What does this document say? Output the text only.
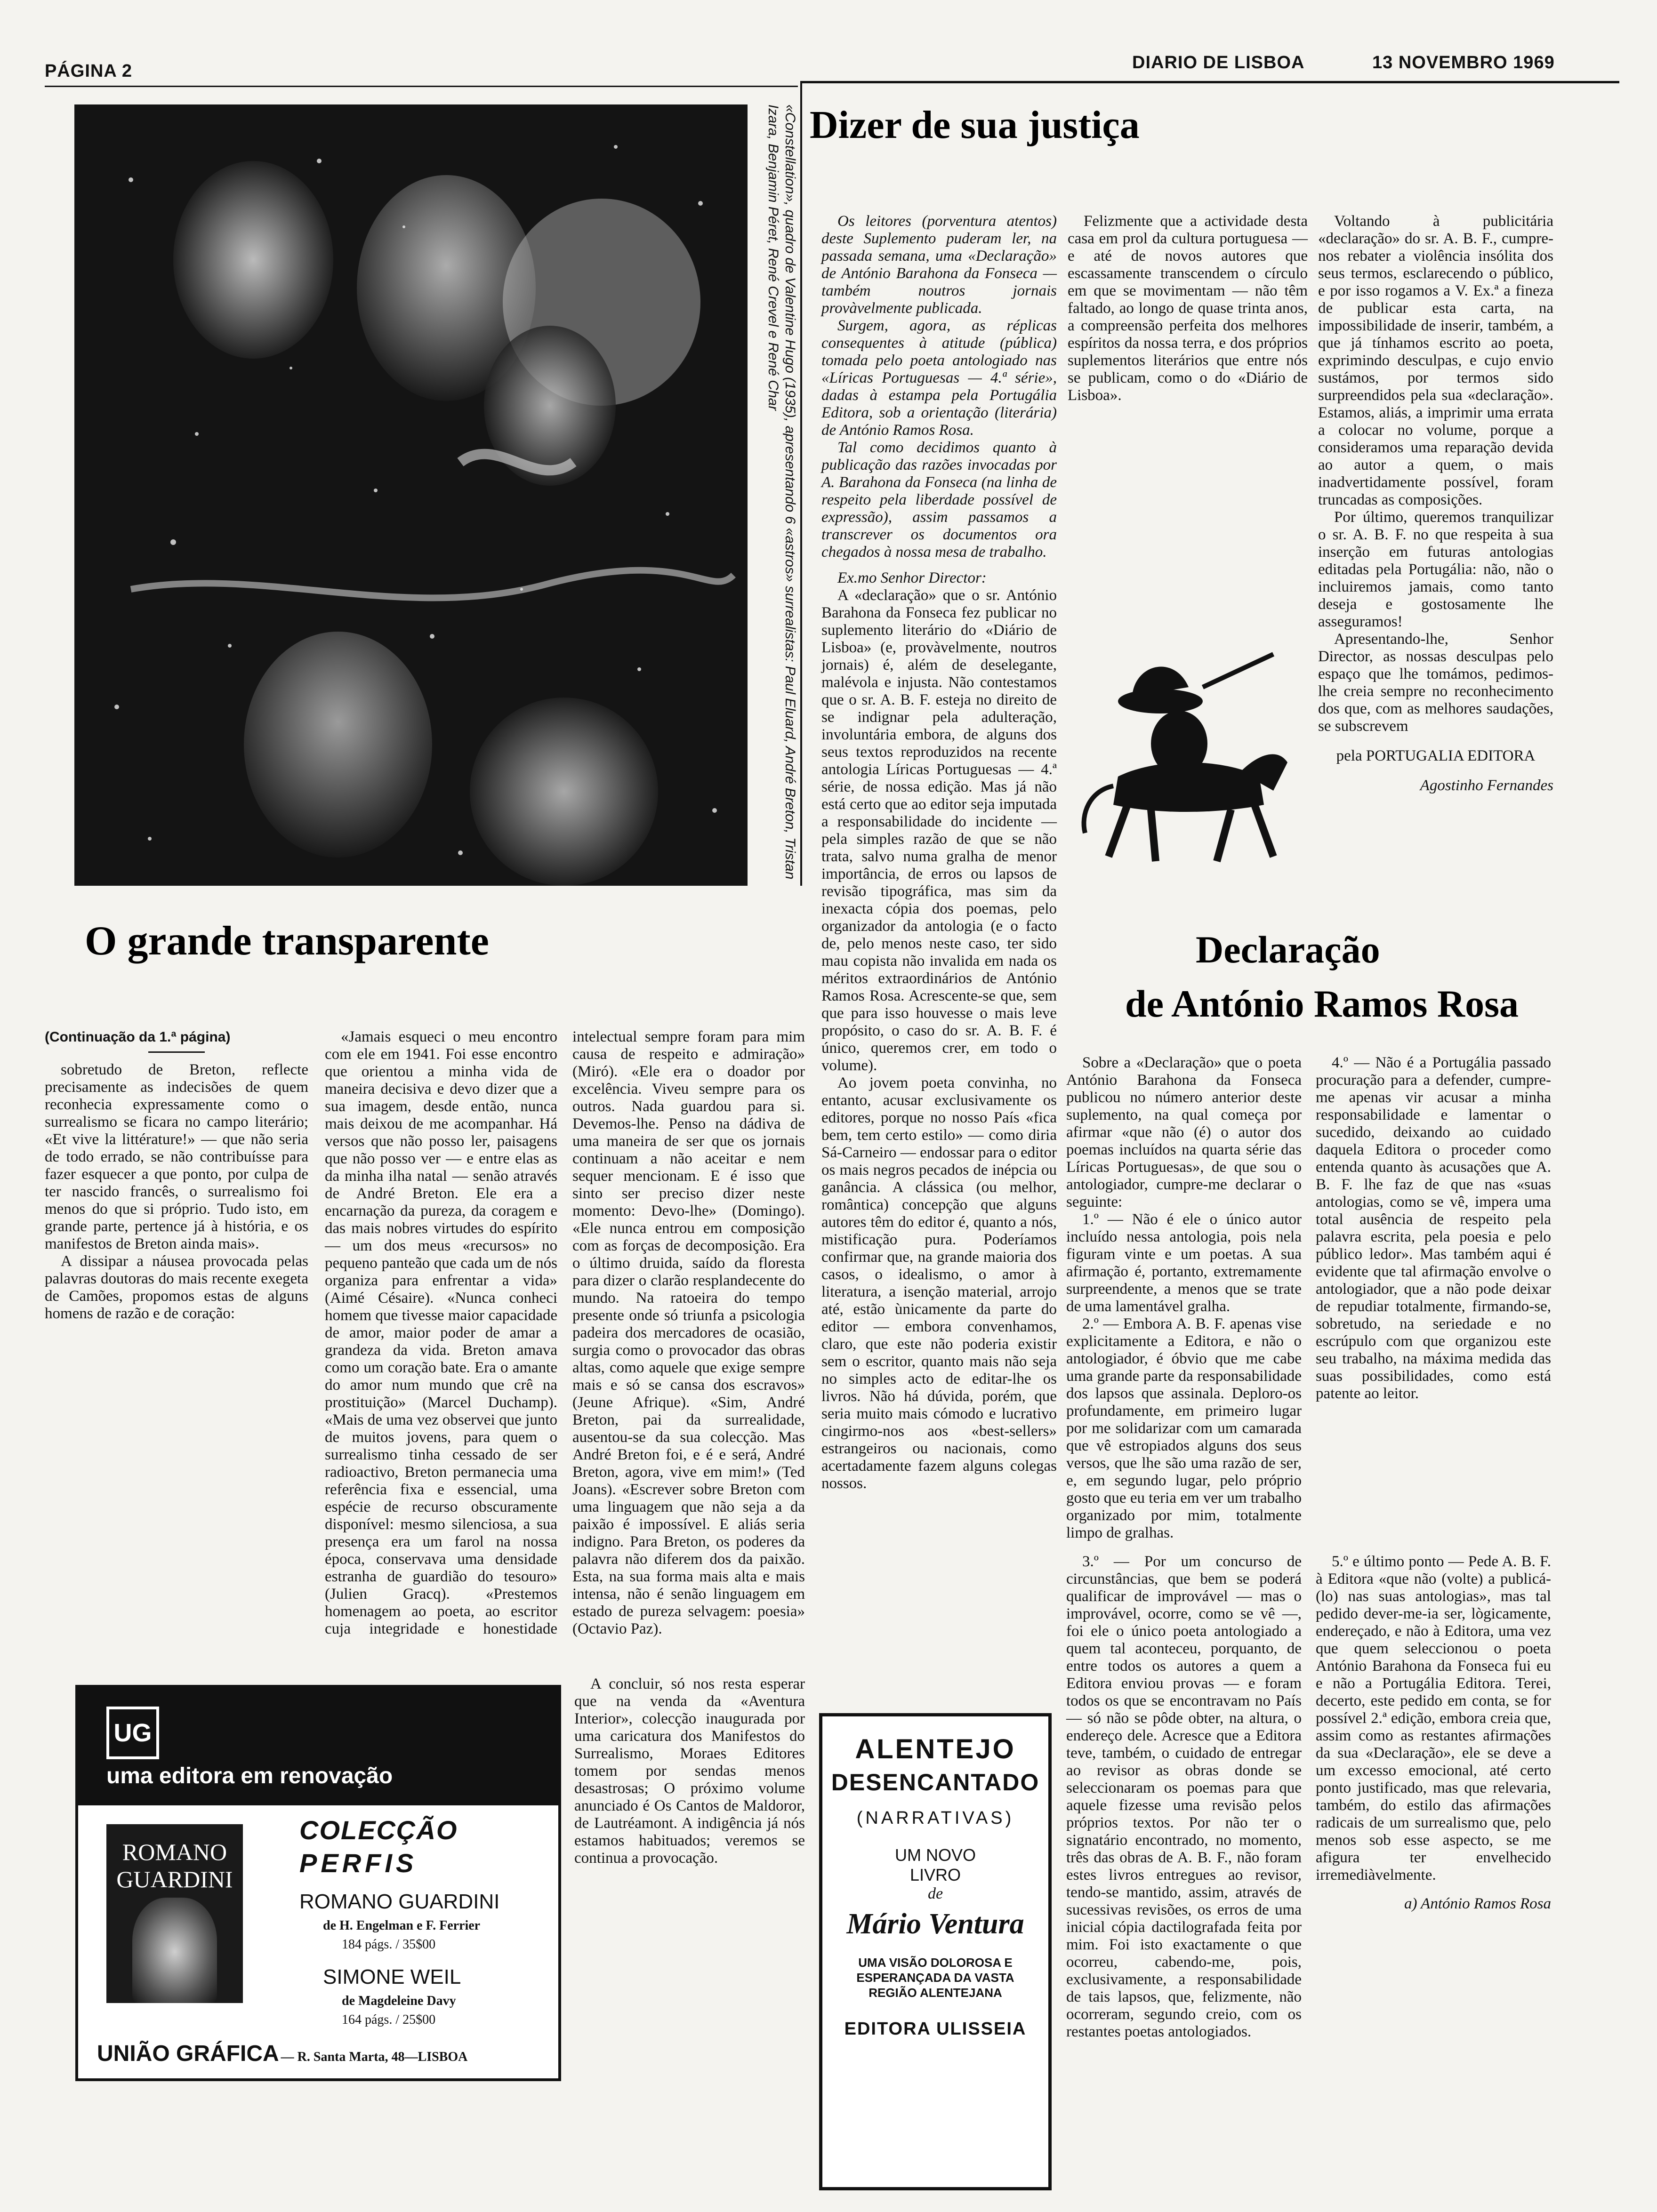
PÁGINA 2	DIARIO DE LISBOA	13 NOVEMBRO 1969
«Constellation», quadro de Valentine Hugo (1935), apresentando 6 «astros» surrealistas: Paul Eluard, André Breton, Tristan Izara, Benjamin Péret, René Crevel e René Char Dizer de sua justiça

Os leitores (porventura atentos) deste Suplemento puderam ler, na passada semana, uma «Declaração» de António Barahona da Fonseca — também noutros jornais provàvelmente publicada.

Surgem, agora, as réplicas consequentes à atitude (pública) tomada pelo poeta antologiado nas «Líricas Portuguesas — 4.ª série», dadas à estampa pela Portugália Editora, sob a orientação (literária) de António Ramos Rosa.

Tal como decidimos quanto à publicação das razões invocadas por A. Barahona da Fonseca (na linha de respeito pela liberdade possível de expressão), assim passamos a transcrever os documentos ora chegados à nossa mesa de trabalho.

Ex.mo Senhor Director:

A «declaração» que o sr. António Barahona da Fonseca fez publicar no suplemento literário do «Diário de Lisboa» (e, provàvelmente, noutros jornais) é, além de deselegante, malévola e injusta. Não contestamos que o sr. A. B. F. esteja no direito de se indignar pela adulteração, involuntária embora, de alguns dos seus textos reproduzidos na recente antologia Líricas Portuguesas — 4.ª série, de nossa edição. Mas já não está certo que ao editor seja imputada a responsabilidade do incidente — pela simples razão de que se não trata, salvo numa gralha de menor importância, de erros ou lapsos de revisão tipográfica, mas sim da inexacta cópia dos poemas, pelo organizador da antologia (e o facto de, pelo menos neste caso, ter sido mau copista não invalida em nada os méritos extraordinários de António Ramos Rosa. Acrescente-se que, sem que para isso houvesse o mais leve propósito, o caso do sr. A. B. F. é único, queremos crer, em todo o volume).

Ao jovem poeta convinha, no entanto, acusar exclusivamente os editores, porque no nosso País «fica bem, tem certo estilo» — como diria Sá-Carneiro — endossar para o editor os mais negros pecados de inépcia ou ganância. A clássica (ou melhor, romântica) concepção que alguns autores têm do editor é, quanto a nós, mistificação pura. Poderíamos confirmar que, na grande maioria dos casos, o idealismo, o amor à literatura, a isenção material, arrojo até, estão ùnicamente da parte do editor — embora convenhamos, claro, que este não poderia existir sem o escritor, quanto mais não seja no simples acto de editar-lhe os livros. Não há dúvida, porém, que seria muito mais cómodo e lucrativo cingirmo-nos aos «best-sellers» estrangeiros ou nacionais, como acertadamente fazem alguns colegas nossos.

Felizmente que a actividade desta casa em prol da cultura portuguesa — e até de novos autores que escassamente transcendem o círculo em que se movimentam — não têm faltado, ao longo de quase trinta anos, a compreensão perfeita dos melhores espíritos da nossa terra, e dos próprios suplementos literários que entre nós se publicam, como o do «Diário de Lisboa».

Voltando à publicitária «declaração» do sr. A. B. F., cumpre-nos rebater a violência insólita dos seus termos, esclarecendo o público, e por isso rogamos a V. Ex.ª a fineza de publicar esta carta, na impossibilidade de inserir, também, a que já tínhamos escrito ao poeta, exprimindo desculpas, e cujo envio sustámos, por termos sido surpreendidos pela sua «declaração». Estamos, aliás, a imprimir uma errata a colocar no volume, porque a consideramos uma reparação devida ao autor a quem, o mais inadvertidamente possível, foram truncadas as composições.

Por último, queremos tranquilizar o sr. A. B. F. no que respeita à sua inserção em futuras antologias editadas pela Portugália: não, não o incluiremos jamais, como tanto deseja e gostosamente lhe asseguramos!

Apresentando-lhe, Senhor Director, as nossas desculpas pelo espaço que lhe tomámos, pedimos-lhe creia sempre no reconhecimento dos que, com as melhores saudações, se subscrevem

pela PORTUGALIA EDITORA

Agostinho Fernandes

O grande transparente

(Continuação da 1.ª página)

sobretudo de Breton, reflecte precisamente as indecisões de quem reconhecia expressamente como o surrealismo se ficara no campo literário; «Et vive la littérature!» — que não seria de todo errado, se não contribuísse para fazer esquecer a que ponto, por culpa de ter nascido francês, o surrealismo foi menos do que si próprio. Tudo isto, em grande parte, pertence já à história, e os manifestos de Breton ainda mais».

A dissipar a náusea provocada pelas palavras doutoras do mais recente exegeta de Camões, propomos estas de alguns homens de razão e de coração:

«Jamais esqueci o meu encontro com ele em 1941. Foi esse encontro que orientou a minha vida de maneira decisiva e devo dizer que a sua imagem, desde então, nunca mais deixou de me acompanhar. Há versos que não posso ler, paisagens que não posso ver — e entre elas as da minha ilha natal — senão através de André Breton. Ele era a encarnação da pureza, da coragem e das mais nobres virtudes do espírito — um dos meus «recursos» no pequeno panteão que cada um de nós organiza para enfrentar a vida» (Aimé Césaire). «Nunca conheci homem que tivesse maior capacidade de amor, maior poder de amar a grandeza da vida. Breton amava como um coração bate. Era o amante do amor num mundo que crê na prostituição» (Marcel Duchamp). «Mais de uma vez observei que junto de muitos jovens, para quem o surrealismo tinha cessado de ser radioactivo, Breton permanecia uma referência fixa e essencial, uma espécie de recurso obscuramente disponível: mesmo silenciosa, a sua presença era um farol na nossa época, conservava uma densidade estranha de guardião do tesouro» (Julien Gracq). «Prestemos homenagem ao poeta, ao escritor cuja integridade e honestidade intelectual sempre foram para mim causa de respeito e admiração» (Miró). «Ele era o doador por excelência. Viveu sempre para os outros. Nada guardou para si. Devemos-lhe. Penso na dádiva de uma maneira de ser que os jornais continuam a não aceitar e nem sequer mencionam. E é isso que sinto ser preciso dizer neste momento: Devo-lhe» (Domingo). «Ele nunca entrou em composição com as forças de decomposição. Era o último druida, saído da floresta para dizer o clarão resplandecente do mundo. Na ratoeira do tempo presente onde só triunfa a psicologia padeira dos mercadores de ocasião, surgia como o provocador das obras altas, como aquele que exige sempre mais e só se cansa dos escravos» (Jeune Afrique). «Sim, André Breton, pai da surrealidade, ausentou-se da sua colecção. Mas André Breton foi, e é e será, André Breton, agora, vive em mim!» (Ted Joans). «Escrever sobre Breton com uma linguagem que não seja a da paixão é impossível. E aliás seria indigno. Para Breton, os poderes da palavra não diferem dos da paixão. Esta, na sua forma mais alta e mais intensa, não é senão linguagem em estado de pureza selvagem: poesia» (Octavio Paz).

A concluir, só nos resta esperar que na venda da «Aventura Interior», colecção inaugurada por uma caricatura dos Manifestos do Surrealismo, Moraes Editores tomem por sendas menos desastrosas; O próximo volume anunciado é Os Cantos de Maldoror, de Lautréamont. A indigência já nós estamos habituados; veremos se continua a provocação.

UG
uma editora em renovação
ROMANO
GUARDINI
COLECÇÃO
PERFIS
ROMANO GUARDINI
de H. Engelman e F. Ferrier
184 págs. / 35$00
SIMONE WEIL
de Magdeleine Davy
164 págs. / 25$00
UNIÃO GRÁFICA — R. Santa Marta, 48—LISBOA
Declaração
de António Ramos Rosa

Sobre a «Declaração» que o poeta António Barahona da Fonseca publicou no número anterior deste suplemento, na qual começa por afirmar «que não (é) o autor dos poemas incluídos na quarta série das Líricas Portuguesas», de que sou o antologiador, cumpre-me declarar o seguinte:

1.º — Não é ele o único autor incluído nessa antologia, pois nela figuram vinte e um poetas. A sua afirmação é, portanto, extremamente surpreendente, a menos que se trate de uma lamentável gralha.

2.º — Embora A. B. F. apenas vise explicitamente a Editora, e não o antologiador, é óbvio que me cabe uma grande parte da responsabilidade dos lapsos que assinala. Deploro-os profundamente, em primeiro lugar por me solidarizar com um camarada que vê estropiados alguns dos seus versos, que lhe são uma razão de ser, e, em segundo lugar, pelo próprio gosto que eu teria em ver um trabalho organizado por mim, totalmente limpo de gralhas.

4.º — Não é a Portugália passado procuração para a defender, cumpre-me apenas vir acusar a minha responsabilidade e lamentar o sucedido, deixando ao cuidado daquela Editora o proceder como entenda quanto às acusações que A. B. F. lhe faz de que nas «suas antologias, como se vê, impera uma total ausência de respeito pela palavra escrita, pela poesia e pelo público ledor». Mas também aqui é evidente que tal afirmação envolve o antologiador, que a não pode deixar de repudiar totalmente, firmando-se, sobretudo, na seriedade e no escrúpulo com que organizou este seu trabalho, na máxima medida das suas possibilidades, como está patente ao leitor.

3.º — Por um concurso de circunstâncias, que bem se poderá qualificar de improvável — mas o improvável, ocorre, como se vê —, foi ele o único poeta antologiado a quem tal aconteceu, porquanto, de entre todos os autores a quem a Editora enviou provas — e foram todos os que se encontravam no País — só não se pôde obter, na altura, o endereço dele. Acresce que a Editora teve, também, o cuidado de entregar ao revisor as obras donde se seleccionaram os poemas para que aquele fizesse uma revisão pelos próprios textos. Por não ter o signatário encontrado, no momento, três das obras de A. B. F., não foram estes livros entregues ao revisor, tendo-se mantido, assim, através de sucessivas revisões, os erros de uma inicial cópia dactilografada feita por mim. Foi isto exactamente o que ocorreu, cabendo-me, pois, exclusivamente, a responsabilidade de tais lapsos, que, felizmente, não ocorreram, segundo creio, com os restantes poetas antologiados.

5.º e último ponto — Pede A. B. F. à Editora «que não (volte) a publicá-(lo) nas suas antologias», mas tal pedido dever-me-ia ser, lògicamente, endereçado, e não à Editora, uma vez que quem seleccionou o poeta António Barahona da Fonseca fui eu e não a Portugália Editora. Terei, decerto, este pedido em conta, se for possível 2.ª edição, embora creia que, assim como as restantes afirmações da sua «Declaração», ele se deve a um excesso emocional, até certo ponto justificado, mas que relevaria, também, do estilo das afirmações radicais de um surrealismo que, pelo menos sob esse aspecto, se me afigura ter envelhecido irremediàvelmente.

a) António Ramos Rosa

ALENTEJO
DESENCANTADO
(NARRATIVAS)
UM NOVO
LIVRO
de
Mário Ventura
UMA VISÃO DOLOROSA E ESPERANÇADA DA VASTA REGIÃO ALENTEJANA
EDITORA ULISSEIA
